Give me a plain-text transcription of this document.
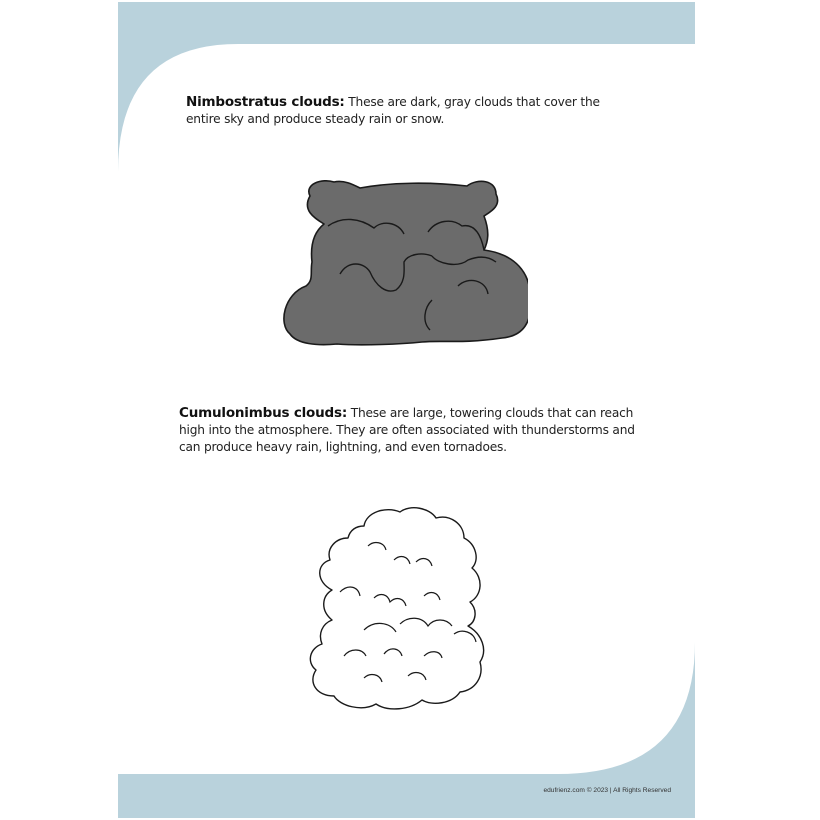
Nimbostratus clouds: These are dark, gray clouds that cover the entire sky and produce steady rain or snow.
Cumulonimbus clouds: These are large, towering clouds that can reach high into the atmosphere. They are often associated with thunderstorms and can produce heavy rain, lightning, and even tornadoes.
edufrienz.com © 2023 | All Rights Reserved
